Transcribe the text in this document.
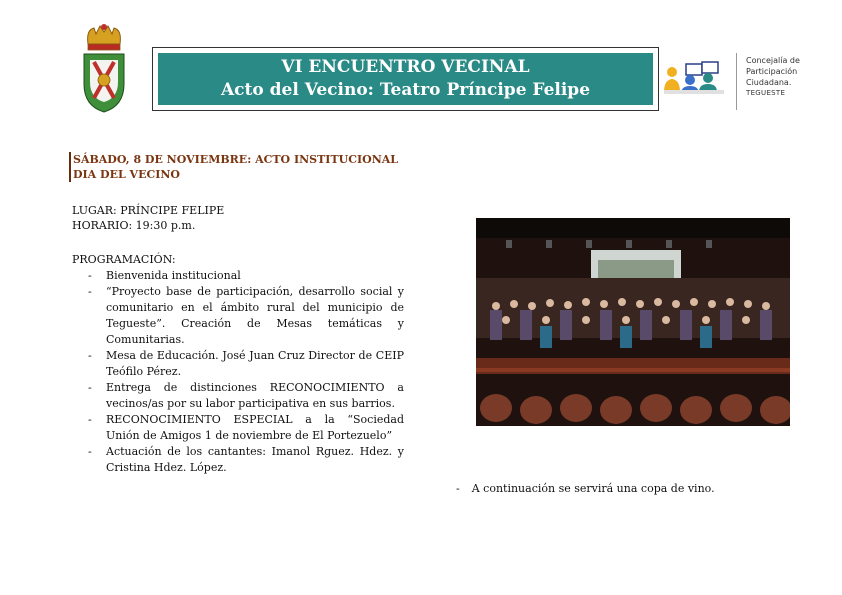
VI ENCUENTRO VECINAL
Acto del Vecino: Teatro Príncipe Felipe
Concejalía de
Participación
Ciudadana.
TEGUESTE
SÁBADO, 8 DE NOVIEMBRE: ACTO INSTITUCIONAL
DIA DEL VECINO
LUGAR: PRÍNCIPE FELIPE
HORARIO: 19:30 p.m.
PROGRAMACIÓN:
- Bienvenida institucional
- “Proyecto base de participación, desarrollo social y comunitario en el ámbito rural del municipio de Tegueste”. Creación de Mesas temáticas y Comunitarias.
- Mesa de Educación. José Juan Cruz Director de CEIP Teófilo Pérez.
- Entrega de distinciones RECONOCIMIENTO a vecinos/as por su labor participativa en sus barrios.
- RECONOCIMIENTO ESPECIAL a la “Sociedad Unión de Amigos 1 de noviembre de El Portezuelo”
- Actuación de los cantantes: Imanol Rguez. Hdez. y Cristina Hdez. López.
- A continuación se servirá una copa de vino.
